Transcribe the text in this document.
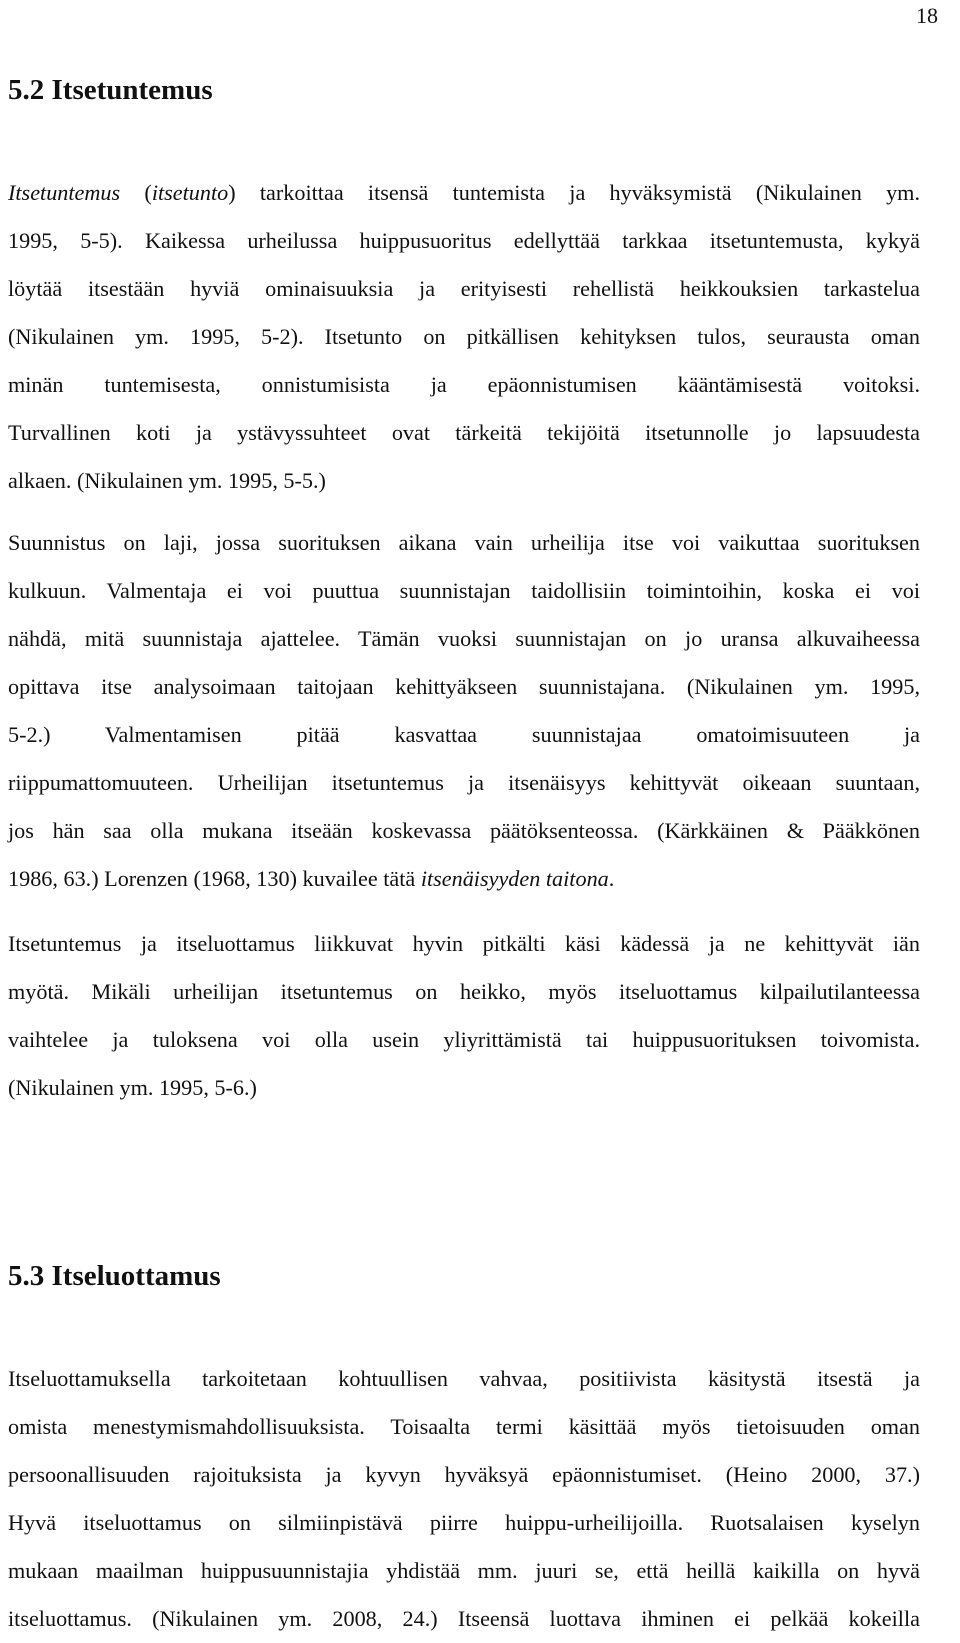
18
5.2 Itsetuntemus
Itsetuntemus (itsetunto) tarkoittaa itsensä tuntemista ja hyväksymistä (Nikulainen ym.
1995, 5-5). Kaikessa urheilussa huippusuoritus edellyttää tarkkaa itsetuntemusta, kykyä
löytää itsestään hyviä ominaisuuksia ja erityisesti rehellistä heikkouksien tarkastelua
(Nikulainen ym. 1995, 5-2). Itsetunto on pitkällisen kehityksen tulos, seurausta oman
minän tuntemisesta, onnistumisista ja epäonnistumisen kääntämisestä voitoksi.
Turvallinen koti ja ystävyssuhteet ovat tärkeitä tekijöitä itsetunnolle jo lapsuudesta
alkaen. (Nikulainen ym. 1995, 5-5.)
Suunnistus on laji, jossa suorituksen aikana vain urheilija itse voi vaikuttaa suorituksen
kulkuun. Valmentaja ei voi puuttua suunnistajan taidollisiin toimintoihin, koska ei voi
nähdä, mitä suunnistaja ajattelee. Tämän vuoksi suunnistajan on jo uransa alkuvaiheessa
opittava itse analysoimaan taitojaan kehittyäkseen suunnistajana. (Nikulainen ym. 1995,
5-2.) Valmentamisen pitää kasvattaa suunnistajaa omatoimisuuteen ja
riippumattomuuteen. Urheilijan itsetuntemus ja itsenäisyys kehittyvät oikeaan suuntaan,
jos hän saa olla mukana itseään koskevassa päätöksenteossa. (Kärkkäinen & Pääkkönen
1986, 63.) Lorenzen (1968, 130) kuvailee tätä itsenäisyyden taitona.
Itsetuntemus ja itseluottamus liikkuvat hyvin pitkälti käsi kädessä ja ne kehittyvät iän
myötä. Mikäli urheilijan itsetuntemus on heikko, myös itseluottamus kilpailutilanteessa
vaihtelee ja tuloksena voi olla usein yliyrittämistä tai huippusuorituksen toivomista.
(Nikulainen ym. 1995, 5-6.)
5.3 Itseluottamus
Itseluottamuksella tarkoitetaan kohtuullisen vahvaa, positiivista käsitystä itsestä ja
omista menestymismahdollisuuksista. Toisaalta termi käsittää myös tietoisuuden oman
persoonallisuuden rajoituksista ja kyvyn hyväksyä epäonnistumiset. (Heino 2000, 37.)
Hyvä itseluottamus on silmiinpistävä piirre huippu-urheilijoilla. Ruotsalaisen kyselyn
mukaan maailman huippusuunnistajia yhdistää mm. juuri se, että heillä kaikilla on hyvä
itseluottamus. (Nikulainen ym. 2008, 24.) Itseensä luottava ihminen ei pelkää kokeilla
